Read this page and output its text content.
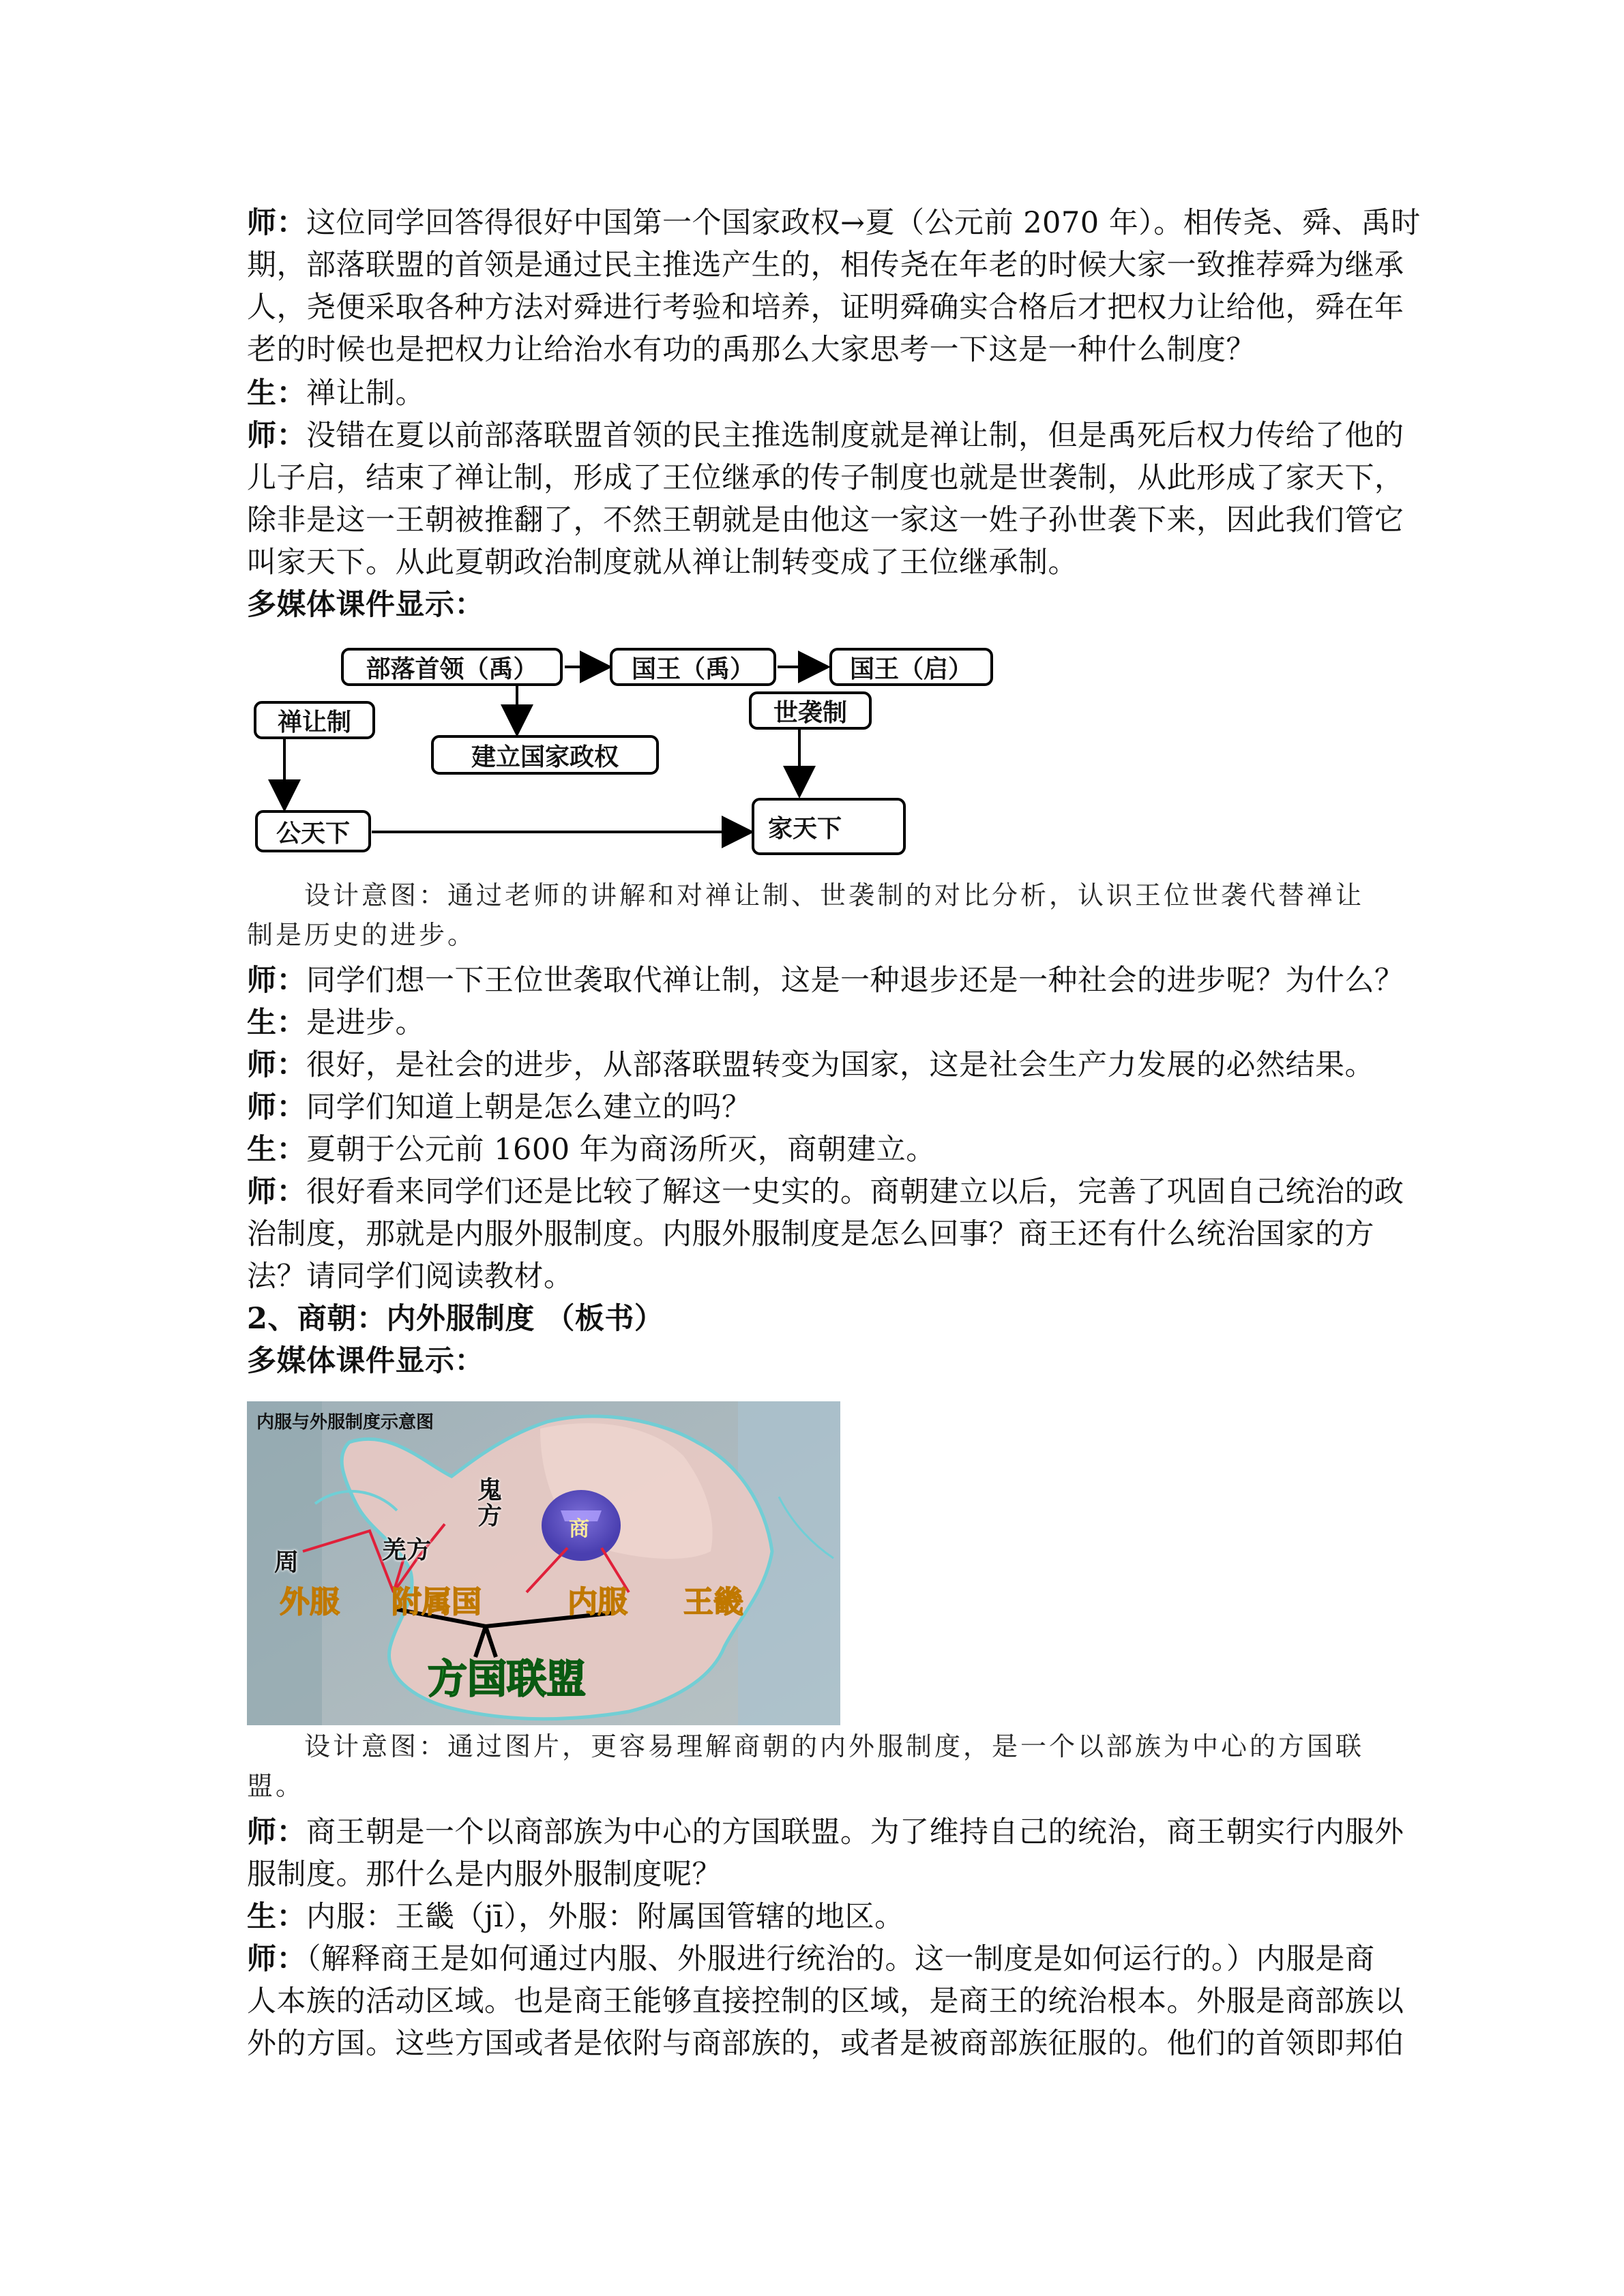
部落首领（禹）	国王（禹）	国王（启）
禅让制
建立国家政权
世袭制
公天下	家天下
内服与外服制度示意图
鬼方
羌方
周
商
外服 附属国	内服 王畿
方国联盟
师：这位同学回答得很好中国第一个国家政权→夏（公元前 2070 年）。相传尧、舜、禹时
期，部落联盟的首领是通过民主推选产生的，相传尧在年老的时候大家一致推荐舜为继承
人，尧便采取各种方法对舜进行考验和培养，证明舜确实合格后才把权力让给他，舜在年
老的时候也是把权力让给治水有功的禹那么大家思考一下这是一种什么制度？
生：禅让制。
师：没错在夏以前部落联盟首领的民主推选制度就是禅让制，但是禹死后权力传给了他的
儿子启，结束了禅让制，形成了王位继承的传子制度也就是世袭制，从此形成了家天下，
除非是这一王朝被推翻了，不然王朝就是由他这一家这一姓子孙世袭下来，因此我们管它
叫家天下。从此夏朝政治制度就从禅让制转变成了王位继承制。
多媒体课件显示：
设计意图：通过老师的讲解和对禅让制、世袭制的对比分析，认识王位世袭代替禅让
制是历史的进步。
师：同学们想一下王位世袭取代禅让制，这是一种退步还是一种社会的进步呢？为什么？
生：是进步。
师：很好，是社会的进步，从部落联盟转变为国家，这是社会生产力发展的必然结果。
师：同学们知道上朝是怎么建立的吗？
生：夏朝于公元前 1600 年为商汤所灭，商朝建立。
师：很好看来同学们还是比较了解这一史实的。商朝建立以后，完善了巩固自己统治的政
治制度，那就是内服外服制度。内服外服制度是怎么回事？商王还有什么统治国家的方
法？请同学们阅读教材。
2、商朝：内外服制度 （板书）
多媒体课件显示：
设计意图：通过图片，更容易理解商朝的内外服制度，是一个以部族为中心的方国联
盟。
师：商王朝是一个以商部族为中心的方国联盟。为了维持自己的统治，商王朝实行内服外
服制度。那什么是内服外服制度呢？
生：内服：王畿（jī），外服：附属国管辖的地区。
师：（解释商王是如何通过内服、外服进行统治的。这一制度是如何运行的。）内服是商
人本族的活动区域。也是商王能够直接控制的区域，是商王的统治根本。外服是商部族以
外的方国。这些方国或者是依附与商部族的，或者是被商部族征服的。他们的首领即邦伯
